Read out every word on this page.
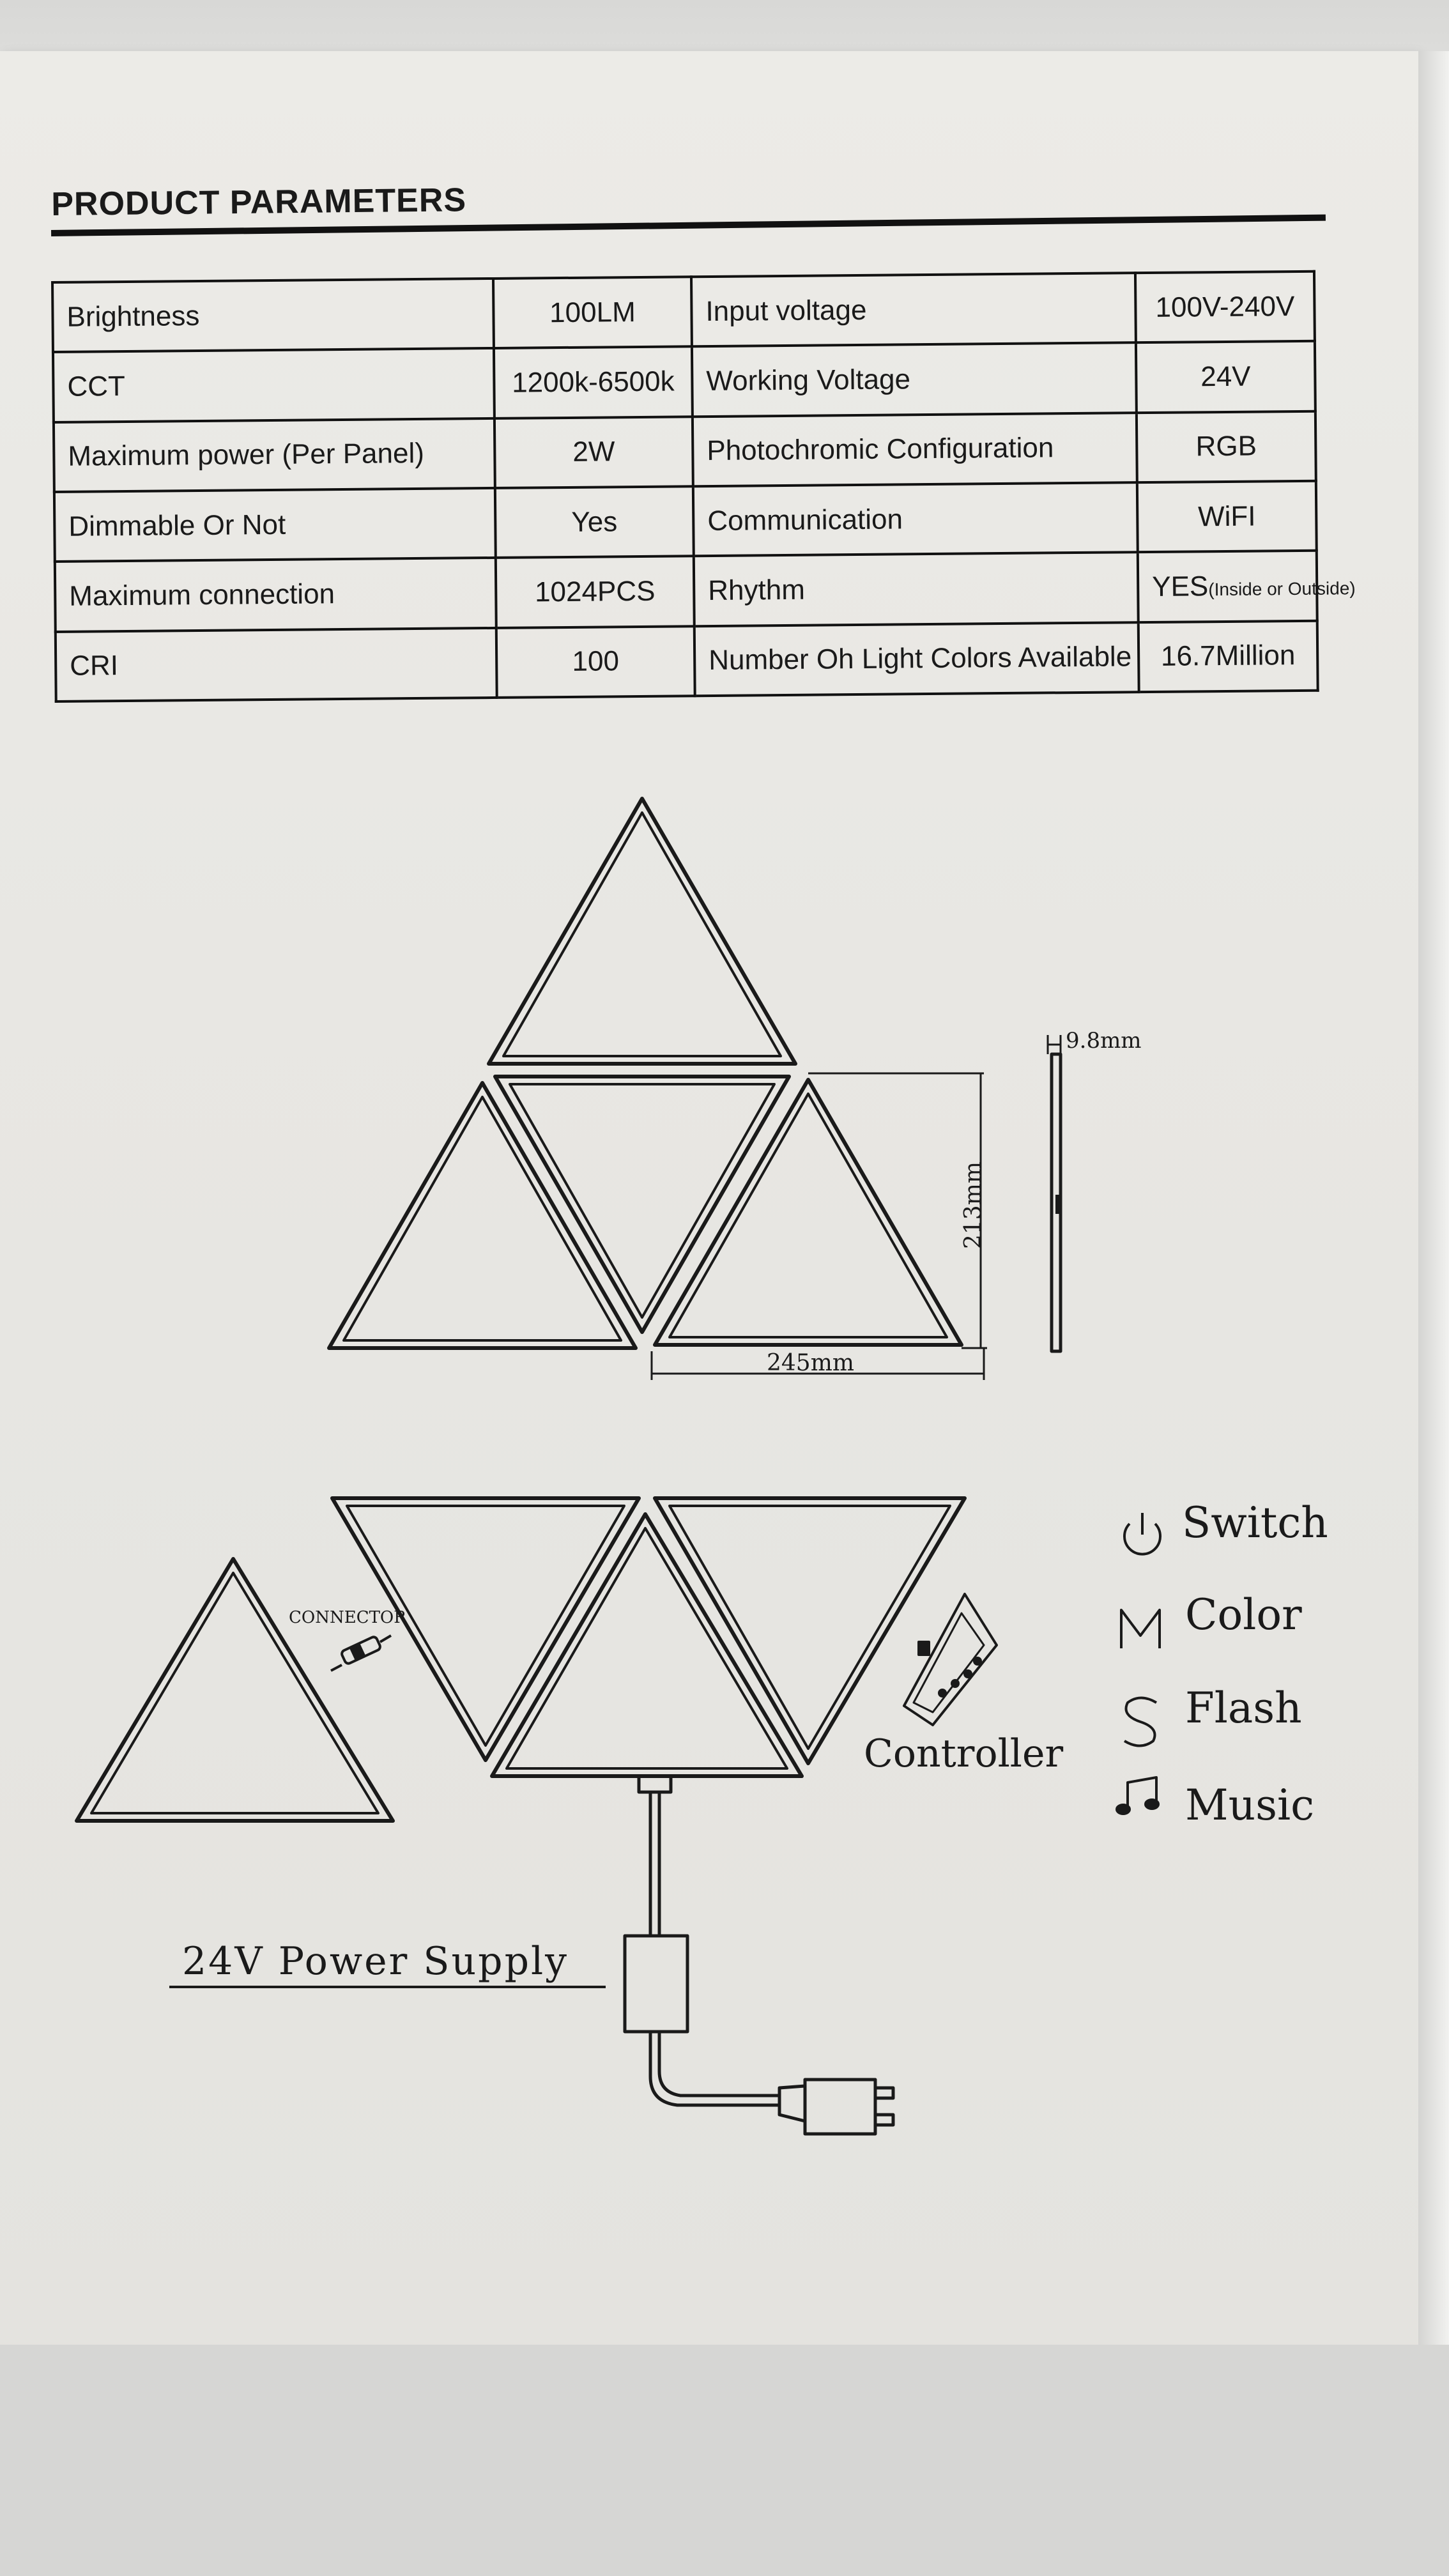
PRODUCT PARAMETERS
Brightness	100LM	Input voltage	100V-240V
CCT	1200k-6500k	Working Voltage	24V
Maximum power (Per Panel)	2W	Photochromic Configuration	RGB
Dimmable Or Not	Yes	Communication	WiFI
Maximum connection	1024PCS	Rhythm	YES(Inside or Outside)
CRI	100	Number Oh Light Colors Available	16.7Million
9.8mm
213mm
245mm
CONNECTOR
Controller
24V Power Supply
Switch
Color
Flash
Music
